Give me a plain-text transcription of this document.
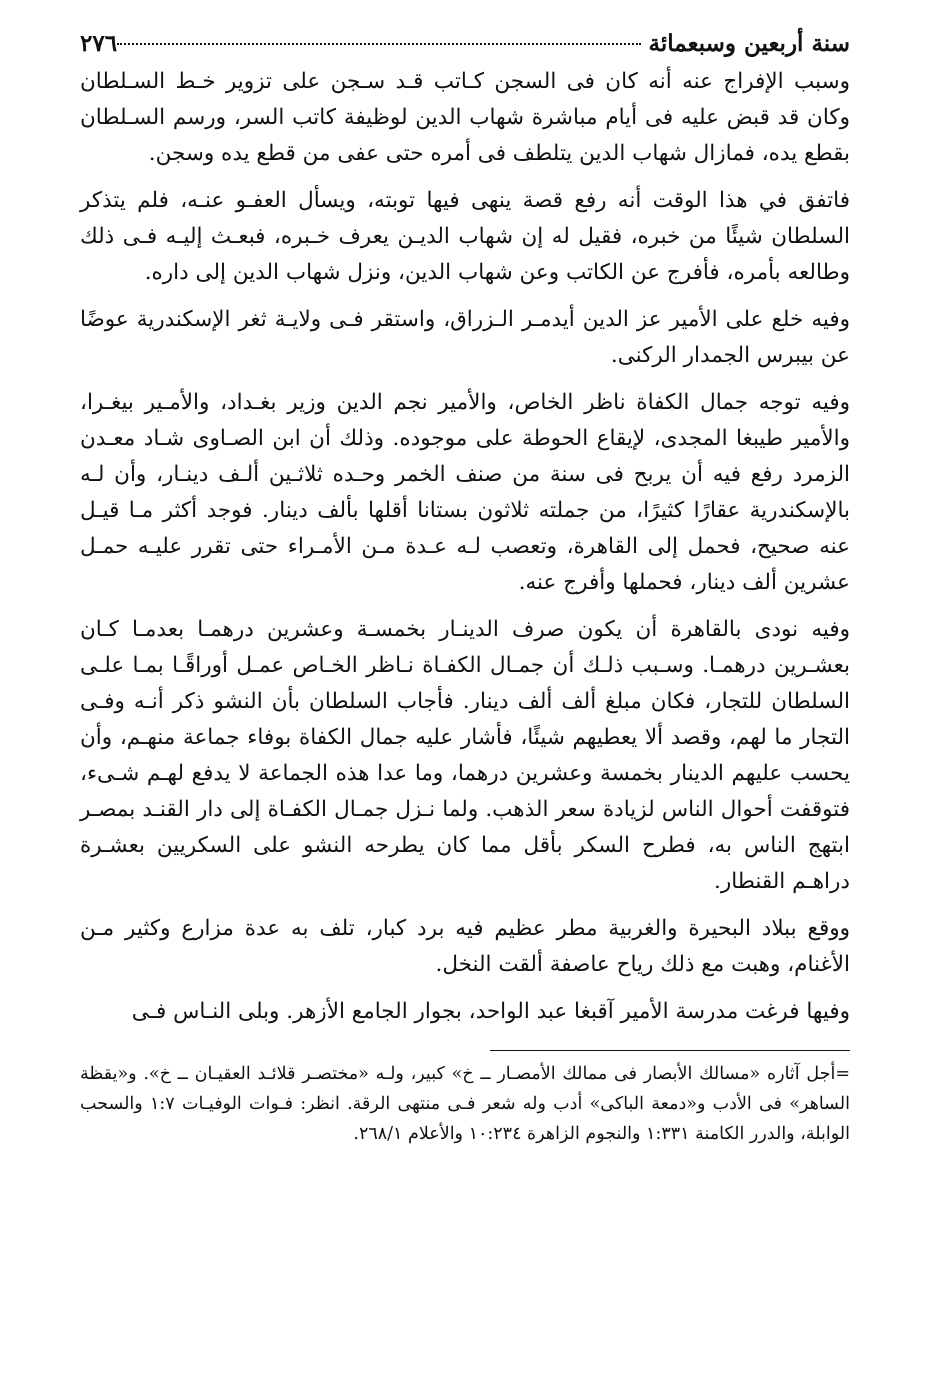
سنة أربعين وسبعمائة
٢٧٦

وسبب الإفراج عنه أنه كان فى السجن كـاتب قـد سـجن على تزوير خـط السـلطان وكان قد قبض عليه فى أيام مباشرة شهاب الدين لوظيفة كاتب السر، ورسم السـلطان بقطع يده، فمازال شهاب الدين يتلطف فى أمره حتى عفى من قطع يده وسجن.

فاتفق في هذا الوقت أنه رفع قصة ينهى فيها توبته، ويسأل العفـو عنـه، فلم يتذكر السلطان شيئًا من خبره، فقيل له إن شهاب الديـن يعرف خـبره، فبعـث إليـه فـى ذلك وطالعه بأمره، فأفرج عن الكاتب وعن شهاب الدين، ونزل شهاب الدين إلى داره.

وفيه خلع على الأمير عز الدين أيدمـر الـزراق، واستقر فـى ولايـة ثغر الإسكندرية عوضًا عن بيبرس الجمدار الركنى.

وفيه توجه جمال الكفاة ناظر الخاص، والأمير نجم الدين وزير بغـداد، والأمـير بيغـرا، والأمير طيبغا المجدى، لإيقاع الحوطة على موجوده. وذلك أن ابن الصـاوى شـاد معـدن الزمرد رفع فيه أن يربح فى سنة من صنف الخمر وحـده ثلاثـين ألـف دينـار، وأن لـه بالإسكندرية عقارًا كثيرًا، من جملته ثلاثون بستانا أقلها بألف دينار. فوجد أكثر مـا قيـل عنه صحيح، فحمل إلى القاهرة، وتعصب لـه عـدة مـن الأمـراء حتى تقرر عليـه حمـل عشرين ألف دينار، فحملها وأفرج عنه.

وفيه نودى بالقاهرة أن يكون صرف الدينـار بخمسـة وعشرين درهمـا بعدمـا كـان بعشـرين درهمـا. وسـبب ذلـك أن جمـال الكفـاة نـاظر الخـاص عمـل أوراقًـا بمـا علـى السلطان للتجار، فكان مبلغ ألف ألف دينار. فأجاب السلطان بأن النشو ذكر أنـه وفـى التجار ما لهم، وقصد ألا يعطيهم شيئًا، فأشار عليه جمال الكفاة بوفاء جماعة منهـم، وأن يحسب عليهم الدينار بخمسة وعشرين درهما، وما عدا هذه الجماعة لا يدفع لهـم شـىء، فتوقفت أحوال الناس لزيادة سعر الذهب. ولما نـزل جمـال الكفـاة إلى دار القنـد بمصـر ابتهج الناس به، فطرح السكر بأقل مما كان يطرحه النشو على السكريين بعشـرة دراهـم القنطار.

ووقع ببلاد البحيرة والغربية مطر عظيم فيه برد كبار، تلف به عدة مزارع وكثير مـن الأغنام، وهبت مع ذلك رياح عاصفة ألقت النخل.

وفيها فرغت مدرسة الأمير آقبغا عبد الواحد، بجوار الجامع الأزهر. وبلى النـاس فـى

=أجل آثاره «مسالك الأبصار فى ممالك الأمصـار ــ خ» كبير، ولـه «مختصـر قلائـد العقيـان ــ خ». و«يقظة الساهر» فى الأدب و«دمعة الباكى» أدب وله شعر فـى منتهى الرقة. انظر: فـوات الوفيـات ١:٧ والسحب الوابلة، والدرر الكامنة ١:٣٣١ والنجوم الزاهرة ١٠:٢٣٤ والأعلام ٢٦٨/١.
